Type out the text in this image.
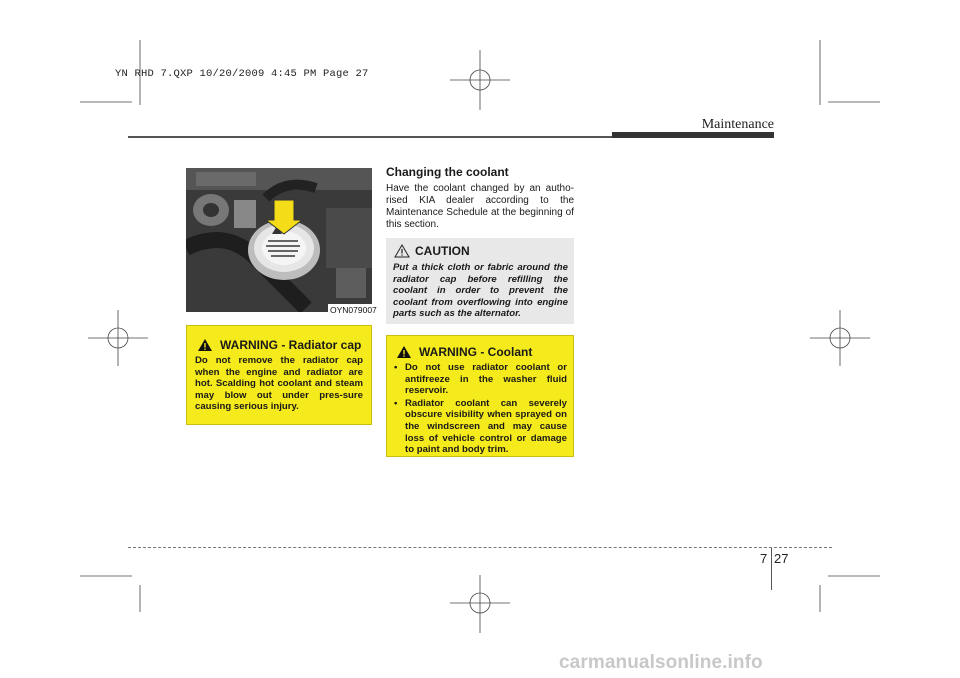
YN RHD 7.QXP 10/20/2009 4:45 PM Page 27
Maintenance
OYN079007
Changing the coolant
Have the coolant changed by an autho-rised KIA dealer according to the Maintenance Schedule at the beginning of this section.
CAUTION
Put a thick cloth or fabric around the radiator cap before refilling the coolant in order to prevent the coolant from overflowing into engine parts such as the alternator.
WARNING - Radiator cap
Do not remove the radiator cap when the engine and radiator are hot. Scalding hot coolant and steam may blow out under pres-sure causing serious injury.
WARNING - Coolant
• Do not use radiator coolant or antifreeze in the washer fluid reservoir.
• Radiator coolant can severely obscure visibility when sprayed on the windscreen and may cause loss of vehicle control or damage to paint and body trim.
7 27
carmanualsonline.info
